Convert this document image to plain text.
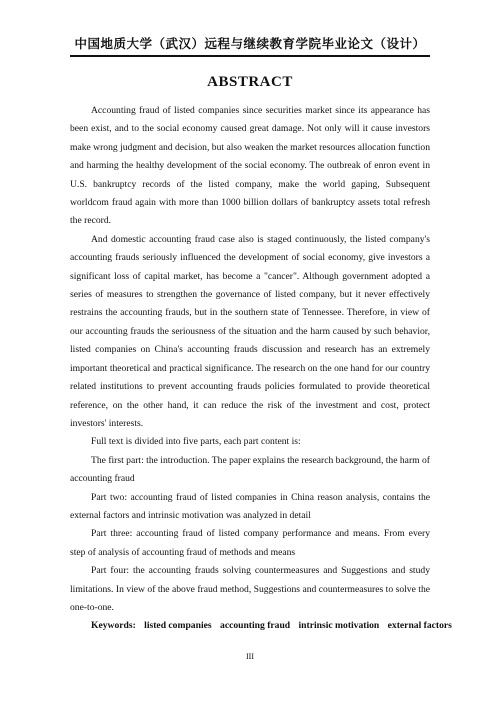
中国地质大学（武汉）远程与继续教育学院毕业论文（设计）
ABSTRACT

Accounting fraud of listed companies since securities market since its appearance has been exist, and to the social economy caused great damage. Not only will it cause investors make wrong judgment and decision, but also weaken the market resources allocation function and harming the healthy development of the social economy. The outbreak of enron event in U.S. bankruptcy records of the listed company, make the world gaping, Subsequent worldcom fraud again with more than 1000 billion dollars of bankruptcy assets total refresh the record.

And domestic accounting fraud case also is staged continuously, the listed company's accounting frauds seriously influenced the development of social economy, give investors a significant loss of capital market, has become a "cancer". Although government adopted a series of measures to strengthen the governance of listed company, but it never effectively restrains the accounting frauds, but in the southern state of Tennessee. Therefore, in view of our accounting frauds the seriousness of the situation and the harm caused by such behavior, listed companies on China's accounting frauds discussion and research has an extremely important theoretical and practical significance. The research on the one hand for our country related institutions to prevent accounting frauds policies formulated to provide theoretical reference, on the other hand, it can reduce the risk of the investment and cost, protect investors' interests.

Full text is divided into five parts, each part content is:

The first part: the introduction. The paper explains the research background, the harm of accounting fraud

Part two: accounting fraud of listed companies in China reason analysis, contains the external factors and intrinsic motivation was analyzed in detail

Part three: accounting fraud of listed company performance and means. From every step of analysis of accounting fraud of methods and means

Part four: the accounting frauds solving countermeasures and Suggestions and study limitations. In view of the above fraud method, Suggestions and countermeasures to solve the one-to-one.

Keywords: listed companies accounting fraud intrinsic motivation external factors

III
